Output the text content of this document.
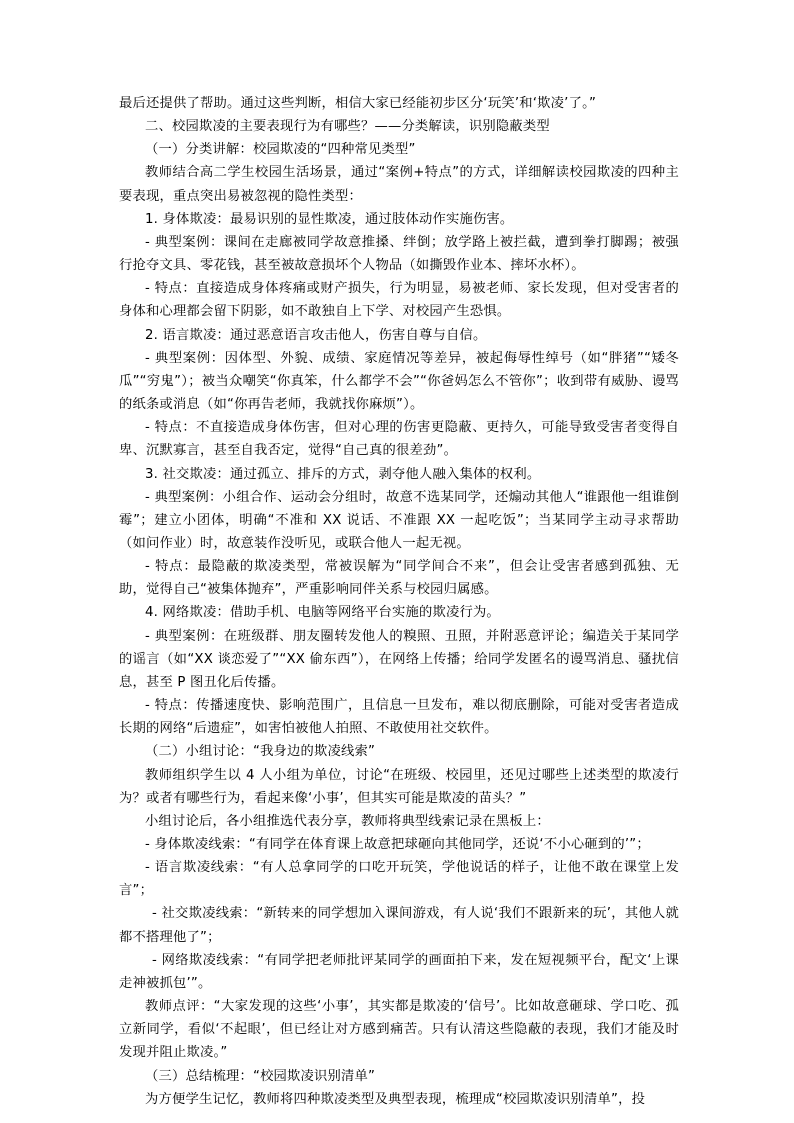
最后还提供了帮助。通过这些判断，相信大家已经能初步区分‘玩笑’和‘欺凌’了。”

二、校园欺凌的主要表现行为有哪些？——分类解读，识别隐蔽类型

（一）分类讲解：校园欺凌的“四种常见类型”

教师结合高二学生校园生活场景，通过“案例+特点”的方式，详细解读校园欺凌的四种主要表现，重点突出易被忽视的隐性类型：

1. 身体欺凌：最易识别的显性欺凌，通过肢体动作实施伤害。

- 典型案例：课间在走廊被同学故意推搡、绊倒；放学路上被拦截，遭到拳打脚踢；被强行抢夺文具、零花钱，甚至被故意损坏个人物品（如撕毁作业本、摔坏水杯）。

- 特点：直接造成身体疼痛或财产损失，行为明显，易被老师、家长发现，但对受害者的身体和心理都会留下阴影，如不敢独自上下学、对校园产生恐惧。

2. 语言欺凌：通过恶意语言攻击他人，伤害自尊与自信。

- 典型案例：因体型、外貌、成绩、家庭情况等差异，被起侮辱性绰号（如“胖猪”“矮冬瓜”“穷鬼”）；被当众嘲笑“你真笨，什么都学不会”“你爸妈怎么不管你”；收到带有威胁、谩骂的纸条或消息（如“你再告老师，我就找你麻烦”）。

- 特点：不直接造成身体伤害，但对心理的伤害更隐蔽、更持久，可能导致受害者变得自卑、沉默寡言，甚至自我否定，觉得“自己真的很差劲”。

3. 社交欺凌：通过孤立、排斥的方式，剥夺他人融入集体的权利。

- 典型案例：小组合作、运动会分组时，故意不选某同学，还煽动其他人“谁跟他一组谁倒霉”；建立小团体，明确“不准和 XX 说话、不准跟 XX 一起吃饭”；当某同学主动寻求帮助（如问作业）时，故意装作没听见，或联合他人一起无视。

- 特点：最隐蔽的欺凌类型，常被误解为“同学间合不来”，但会让受害者感到孤独、无助，觉得自己“被集体抛弃”，严重影响同伴关系与校园归属感。

4. 网络欺凌：借助手机、电脑等网络平台实施的欺凌行为。

- 典型案例：在班级群、朋友圈转发他人的糗照、丑照，并附恶意评论；编造关于某同学的谣言（如“XX 谈恋爱了”“XX 偷东西”），在网络上传播；给同学发匿名的谩骂消息、骚扰信息，甚至 P 图丑化后传播。

- 特点：传播速度快、影响范围广，且信息一旦发布，难以彻底删除，可能对受害者造成长期的网络“后遗症”，如害怕被他人拍照、不敢使用社交软件。

（二）小组讨论：“我身边的欺凌线索”

教师组织学生以 4 人小组为单位，讨论“在班级、校园里，还见过哪些上述类型的欺凌行为？或者有哪些行为，看起来像‘小事’，但其实可能是欺凌的苗头？”

小组讨论后，各小组推选代表分享，教师将典型线索记录在黑板上：

- 身体欺凌线索：“有同学在体育课上故意把球砸向其他同学，还说‘不小心砸到的’”；

- 语言欺凌线索：“有人总拿同学的口吃开玩笑，学他说话的样子，让他不敢在课堂上发言”；

- 社交欺凌线索：“新转来的同学想加入课间游戏，有人说‘我们不跟新来的玩’，其他人就都不搭理他了”；

- 网络欺凌线索：“有同学把老师批评某同学的画面拍下来，发在短视频平台，配文‘上课走神被抓包’”。

教师点评：“大家发现的这些‘小事’，其实都是欺凌的‘信号’。比如故意砸球、学口吃、孤立新同学，看似‘不起眼’，但已经让对方感到痛苦。只有认清这些隐蔽的表现，我们才能及时发现并阻止欺凌。”

（三）总结梳理：“校园欺凌识别清单”

为方便学生记忆，教师将四种欺凌类型及典型表现，梳理成“校园欺凌识别清单”，投
